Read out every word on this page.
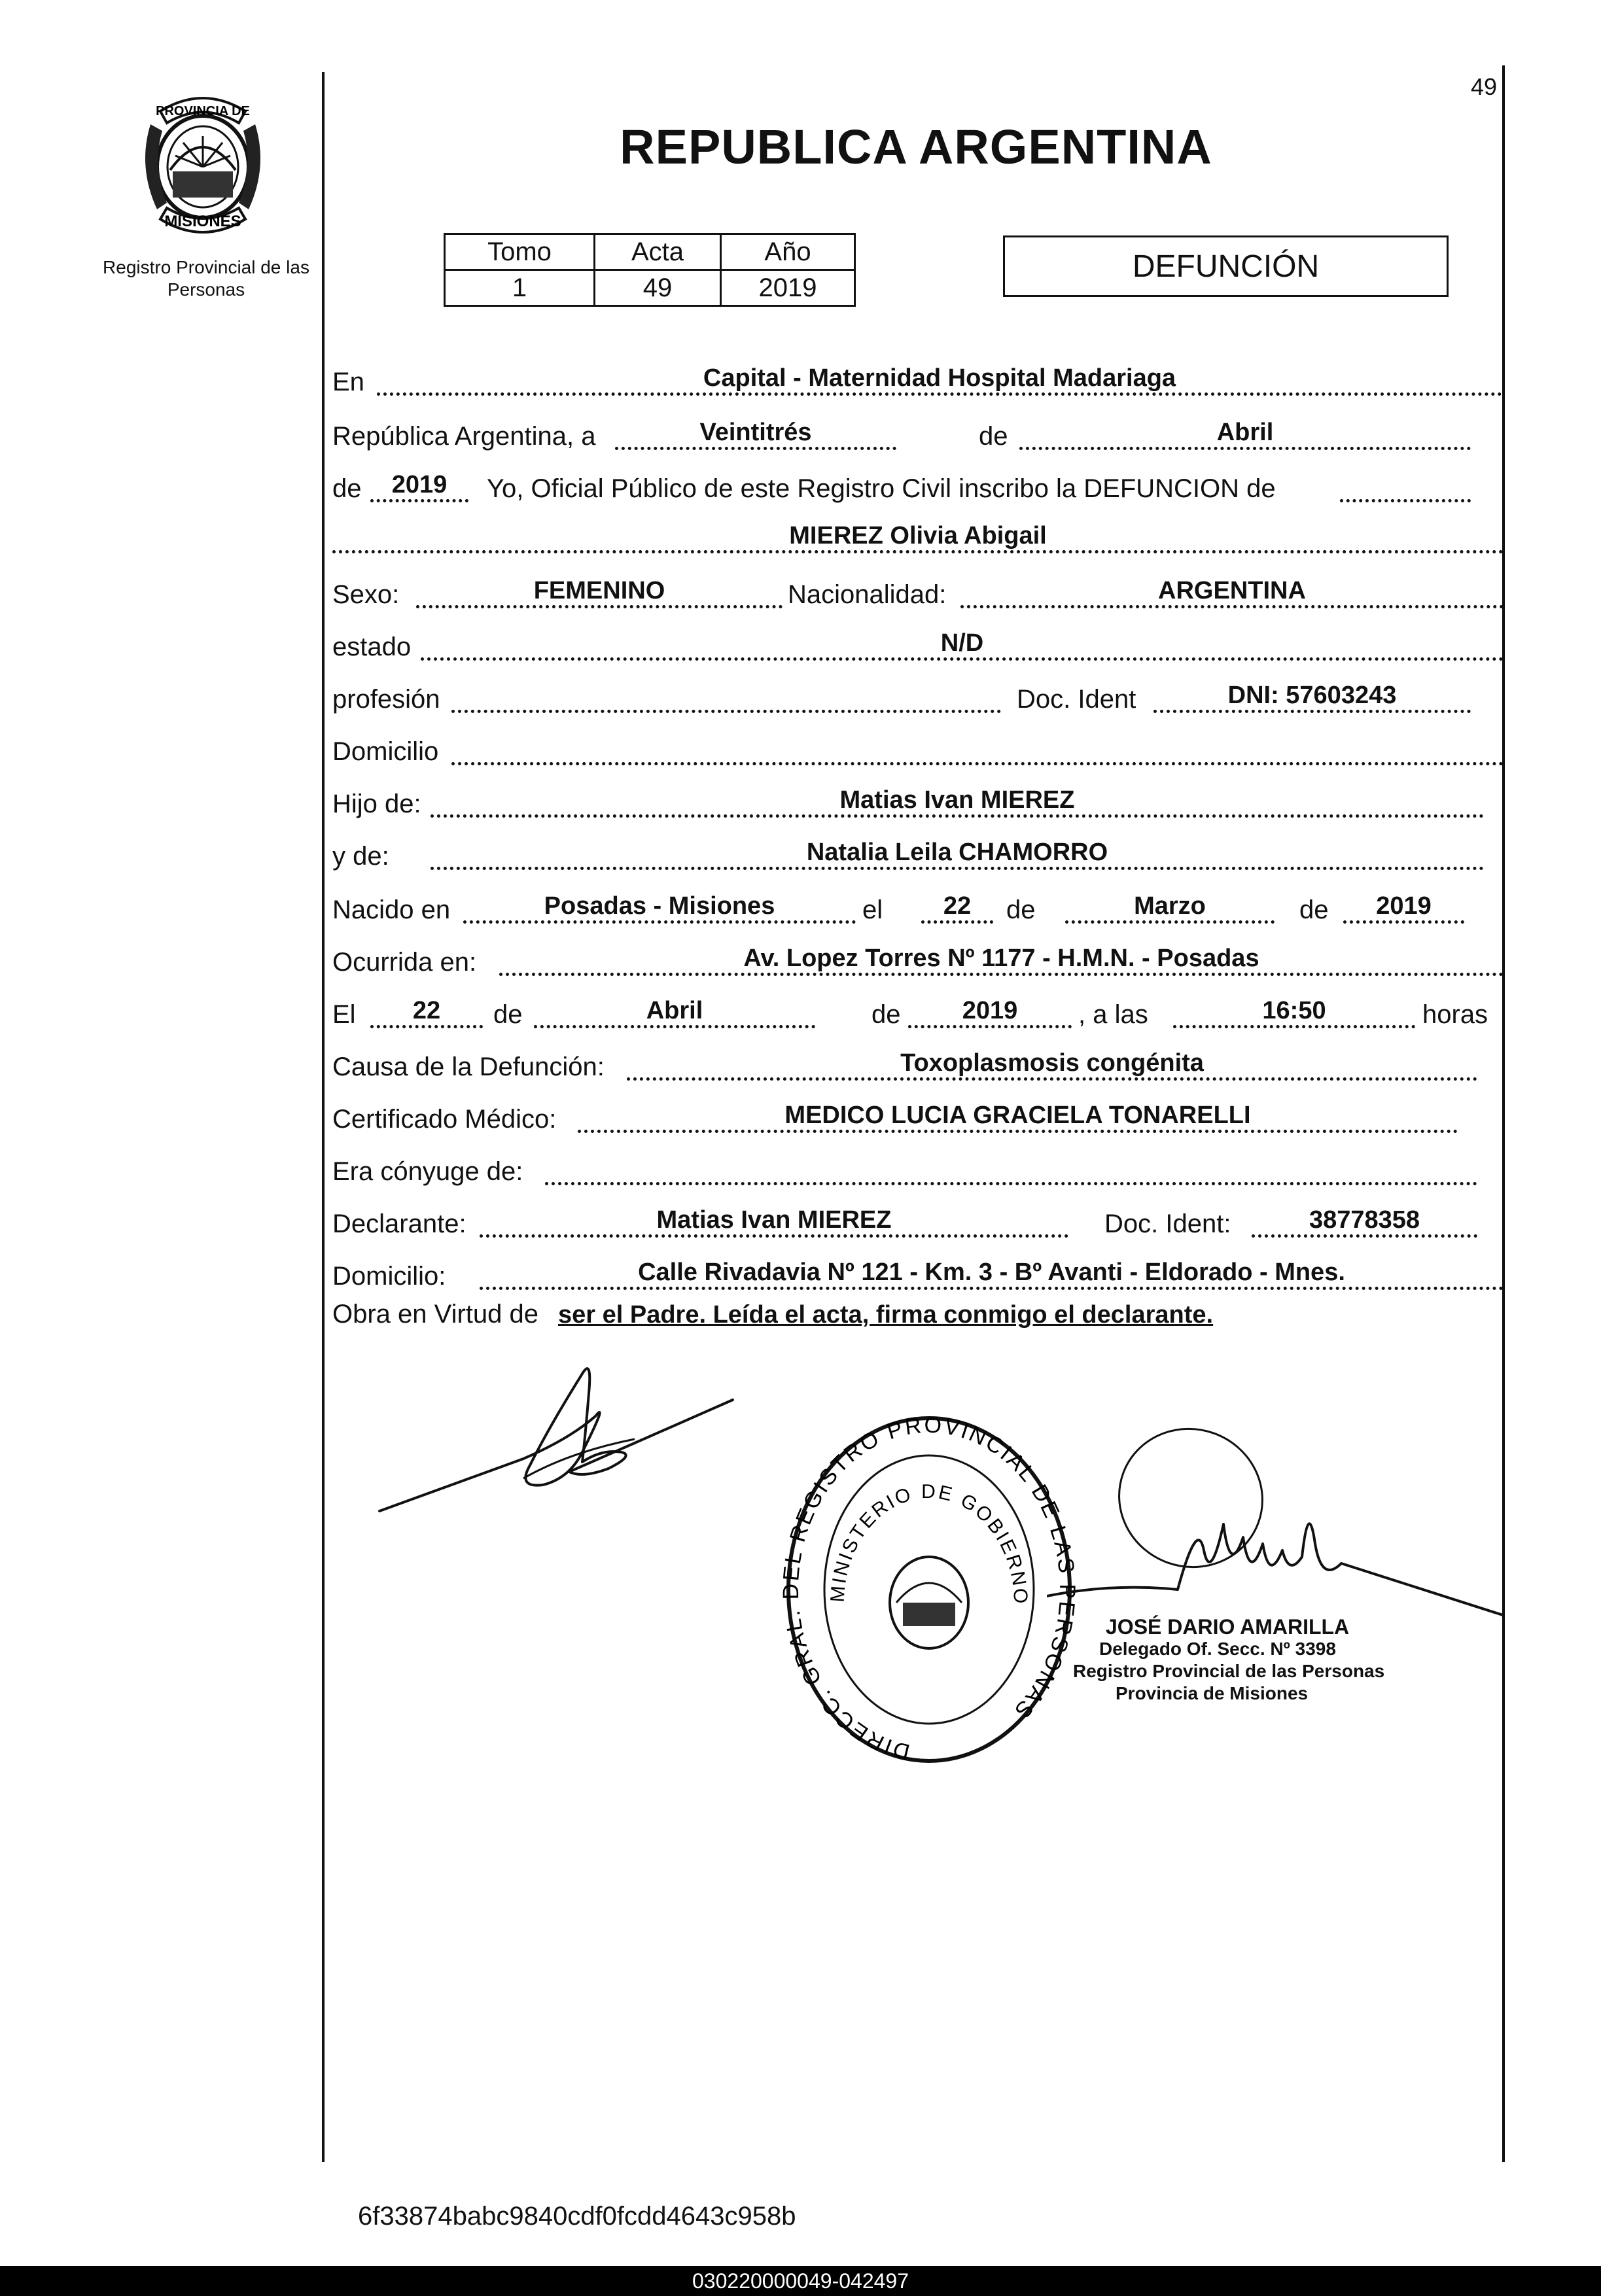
49
PROVINCIA DE
MISIONES
Registro Provincial de las Personas
REPUBLICA ARGENTINA
Tomo	Acta	Año
1	49	2019
DEFUNCIÓN
En	Capital - Maternidad Hospital Madariaga
República Argentina, a	Veintitrés	de	Abril
de	2019	Yo, Oficial Público de este Registro Civil inscribo la DEFUNCION de
MIEREZ Olivia Abigail
Sexo:	FEMENINO	Nacionalidad:	ARGENTINA
estado	N/D
profesión	Doc. Ident	DNI: 57603243
Domicilio
Hijo de:	Matias Ivan MIEREZ
y de:	Natalia Leila CHAMORRO
Nacido en	Posadas - Misiones	el	22	de	Marzo	de	2019
Ocurrida en:	Av. Lopez Torres Nº 1177 - H.M.N. - Posadas
El	22	de	Abril	de	2019	, a las	16:50	horas
Causa de la Defunción:	Toxoplasmosis congénita
Certificado Médico:	MEDICO LUCIA GRACIELA TONARELLI
Era cónyuge de:
Declarante:	Matias Ivan MIEREZ	Doc. Ident:	38778358
Domicilio:	Calle Rivadavia Nº 121 - Km. 3 - Bº Avanti - Eldorado - Mnes.
Obra en Virtud de ser el Padre. Leída el acta, firma conmigo el declarante.
DIRECC. GRAL. DEL REGISTRO PROVINCIAL DE LAS PERSONAS
MINISTERIO DE GOBIERNO
JOSÉ DARIO AMARILLA
Delegado Of. Secc. Nº 3398
Registro Provincial de las Personas
Provincia de Misiones
6f33874babc9840cdf0fcdd4643c958b
030220000049-042497
